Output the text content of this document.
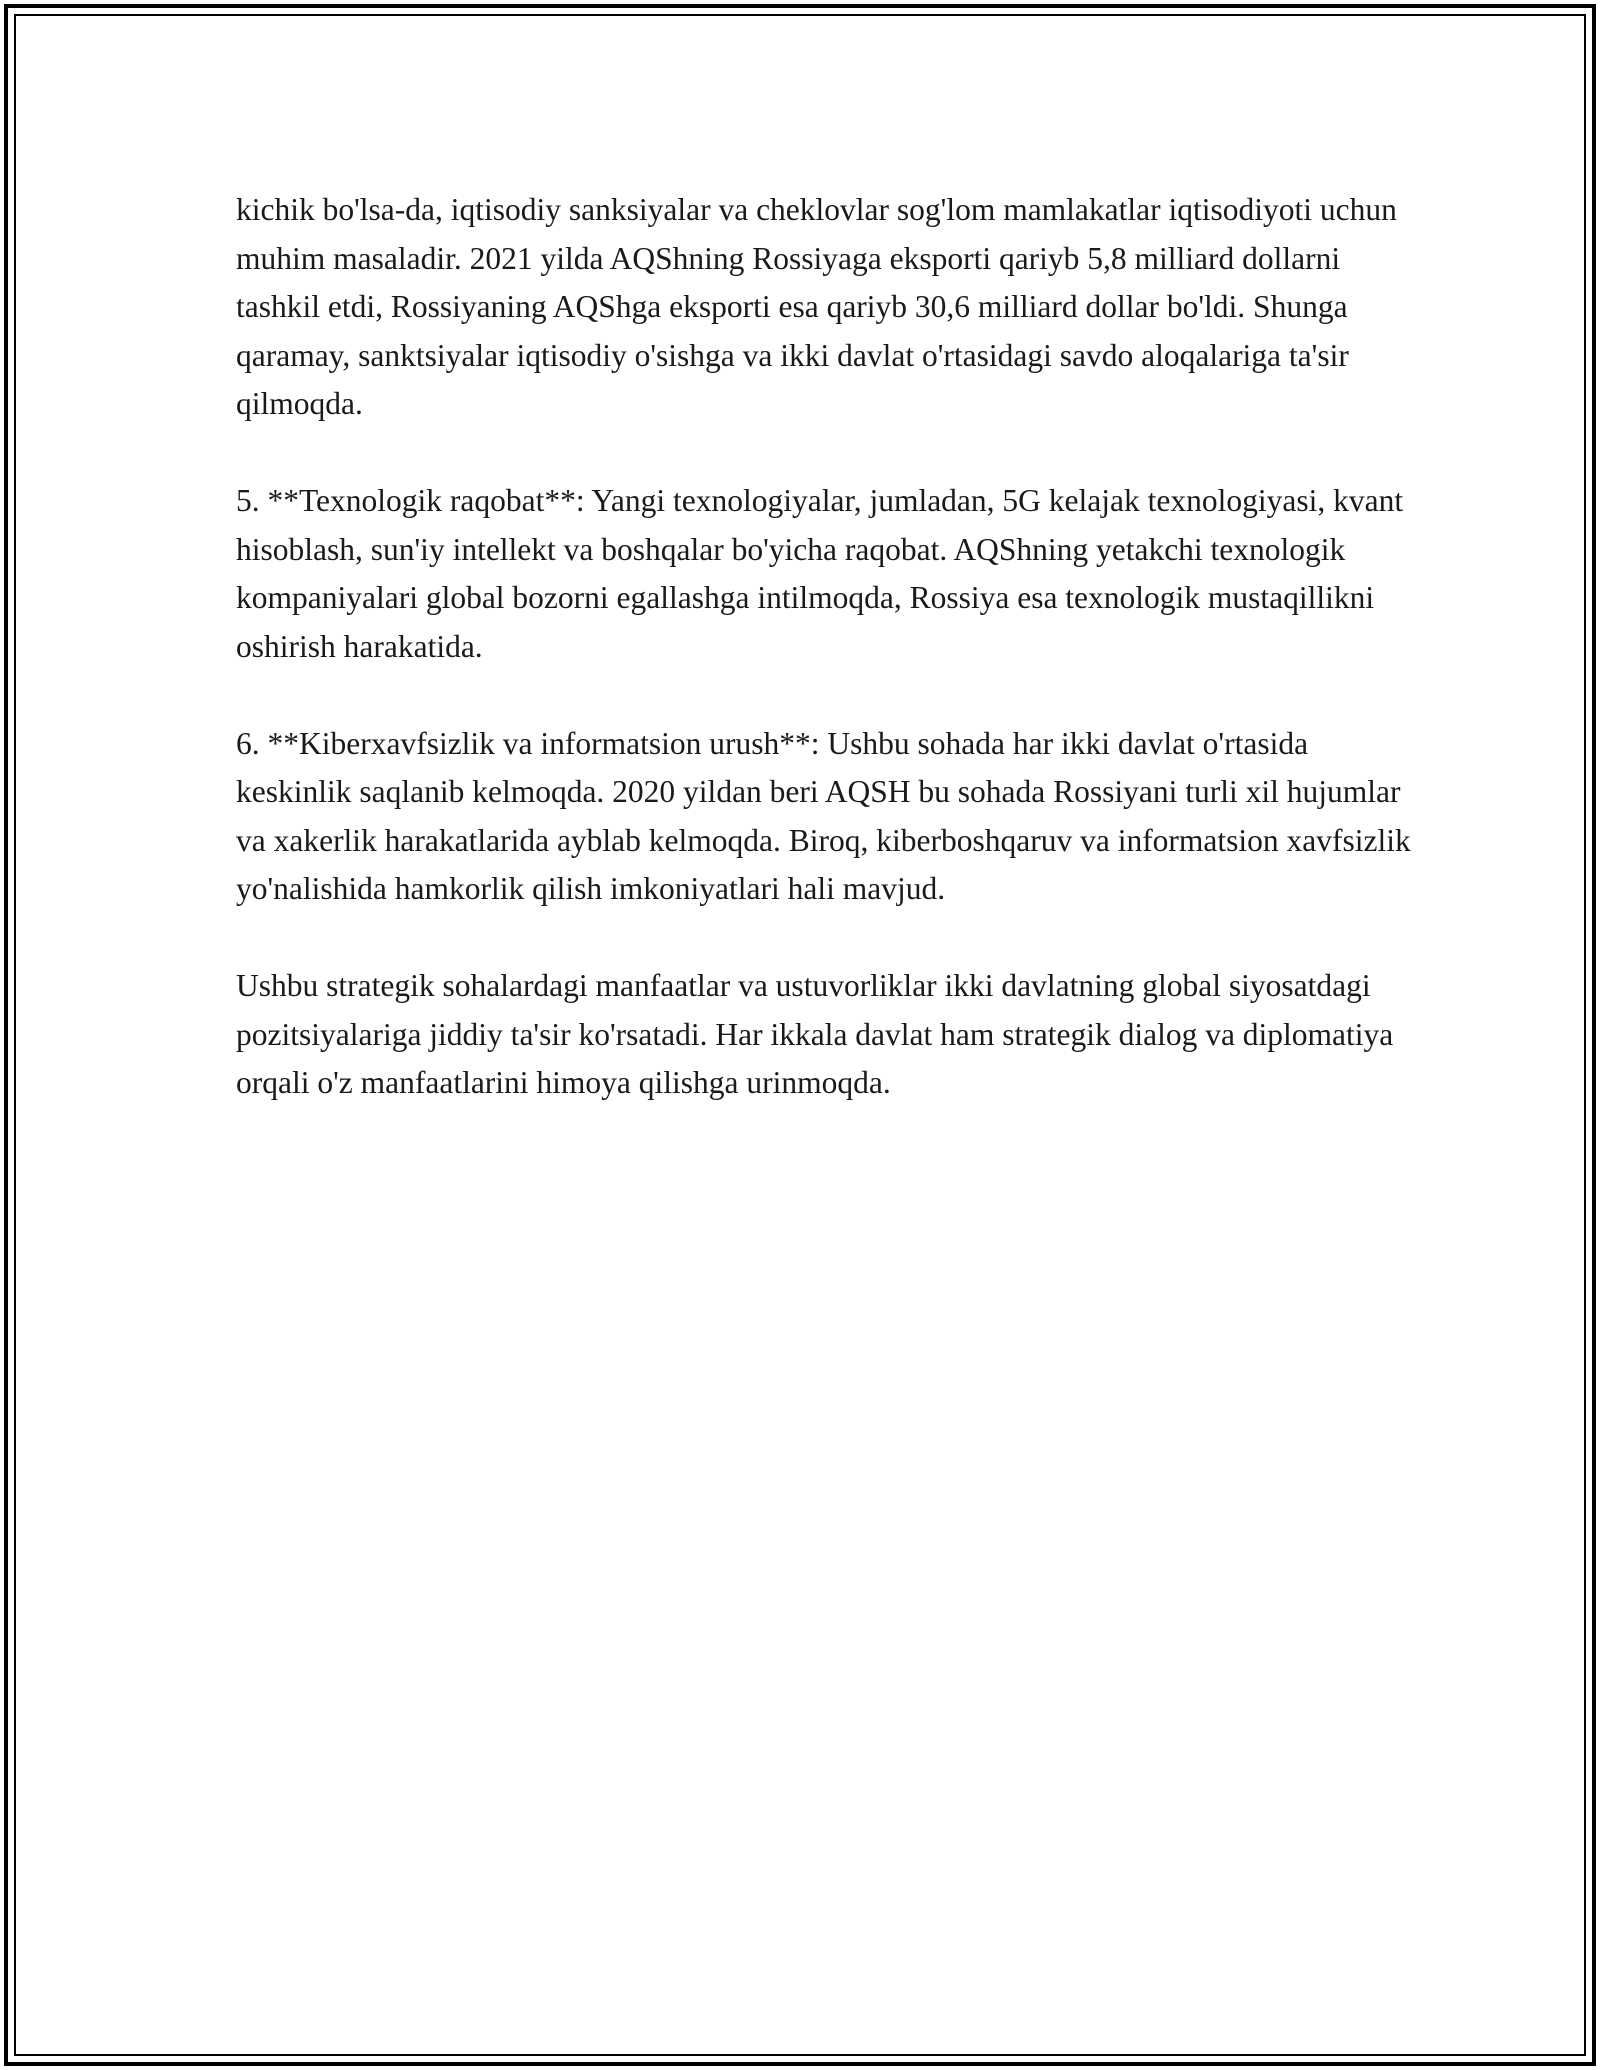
kichik bo'lsa-da, iqtisodiy sanksiyalar va cheklovlar sog'lom mamlakatlar iqtisodiyoti uchun muhim masaladir. 2021 yilda AQShning Rossiyaga eksporti qariyb 5,8 milliard dollarni tashkil etdi, Rossiyaning AQShga eksporti esa qariyb 30,6 milliard dollar bo'ldi. Shunga qaramay, sanktsiyalar iqtisodiy o'sishga va ikki davlat o'rtasidagi savdo aloqalariga ta'sir qilmoqda.

5. **Texnologik raqobat**: Yangi texnologiyalar, jumladan, 5G kelajak texnologiyasi, kvant hisoblash, sun'iy intellekt va boshqalar bo'yicha raqobat. AQShning yetakchi texnologik kompaniyalari global bozorni egallashga intilmoqda, Rossiya esa texnologik mustaqillikni oshirish harakatida.

6. **Kiberxavfsizlik va informatsion urush**: Ushbu sohada har ikki davlat o'rtasida keskinlik saqlanib kelmoqda. 2020 yildan beri AQSH bu sohada Rossiyani turli xil hujumlar va xakerlik harakatlarida ayblab kelmoqda. Biroq, kiberboshqaruv va informatsion xavfsizlik yo'nalishida hamkorlik qilish imkoniyatlari hali mavjud.

Ushbu strategik sohalardagi manfaatlar va ustuvorliklar ikki davlatning global siyosatdagi pozitsiyalariga jiddiy ta'sir ko'rsatadi. Har ikkala davlat ham strategik dialog va diplomatiya orqali o'z manfaatlarini himoya qilishga urinmoqda.
